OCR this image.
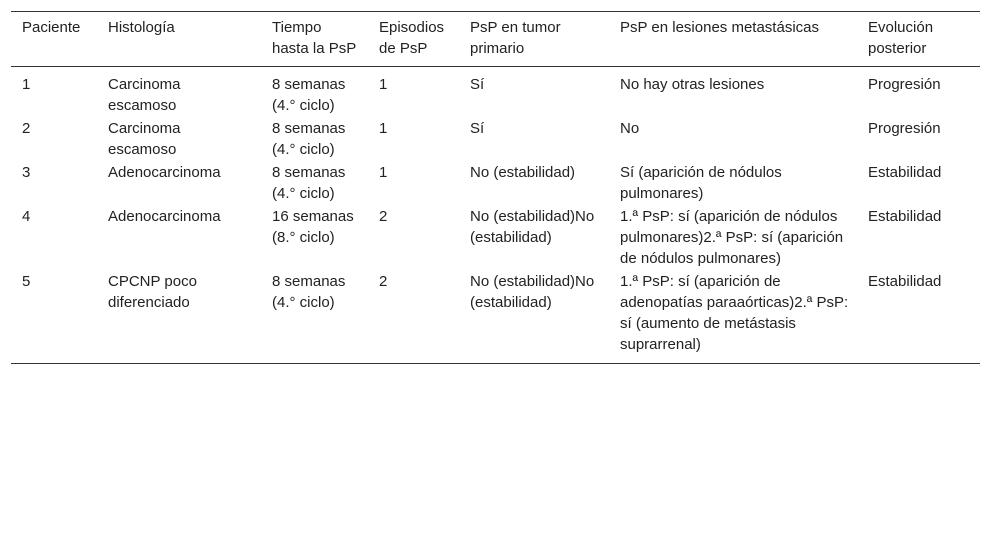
Paciente	Histología	Tiempo hasta la PsP	Episodios de PsP	PsP en tumor primario	PsP en lesiones metastásicas	Evolución posterior
1	Carcinoma escamoso	8 semanas (4.° ciclo)	1	Sí	No hay otras lesiones	Progresión
2	Carcinoma escamoso	8 semanas (4.° ciclo)	1	Sí	No	Progresión
3	Adenocarcinoma	8 semanas (4.° ciclo)	1	No (estabilidad)	Sí (aparición de nódulos pulmonares)	Estabilidad
4	Adenocarcinoma	16 semanas (8.° ciclo)	2	No (estabilidad)No (estabilidad)	1.ª PsP: sí (aparición de nódulos pulmonares)2.ª PsP: sí (aparición de nódulos pulmonares)	Estabilidad
5	CPCNP poco diferenciado	8 semanas (4.° ciclo)	2	No (estabilidad)No (estabilidad)	1.ª PsP: sí (aparición de adenopatías paraaórticas)2.ª PsP: sí (aumento de metástasis suprarrenal)	Estabilidad
